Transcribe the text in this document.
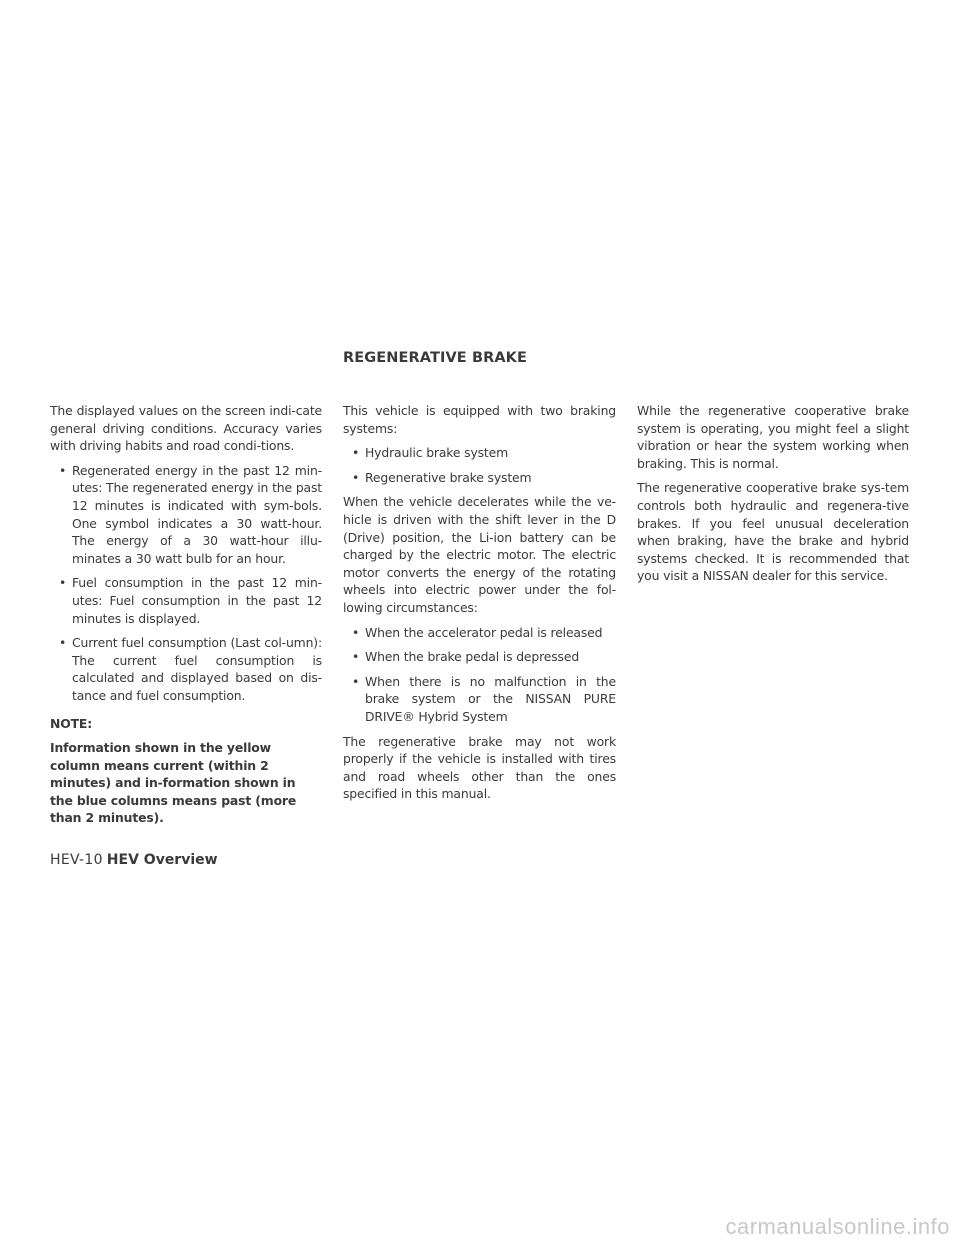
REGENERATIVE BRAKE

The displayed values on the screen indi-cate general driving conditions. Accuracy varies with driving habits and road condi-tions.

• Regenerated energy in the past 12 min-utes: The regenerated energy in the past 12 minutes is indicated with sym-bols. One symbol indicates a 30 watt-hour. The energy of a 30 watt-hour illu-minates a 30 watt bulb for an hour.
• Fuel consumption in the past 12 min-utes: Fuel consumption in the past 12 minutes is displayed.
• Current fuel consumption (Last col-umn): The current fuel consumption is calculated and displayed based on dis-tance and fuel consumption.

NOTE:

Information shown in the yellow column means current (within 2 minutes) and in-formation shown in the blue columns means past (more than 2 minutes).

This vehicle is equipped with two braking systems:

• Hydraulic brake system
• Regenerative brake system

When the vehicle decelerates while the ve-hicle is driven with the shift lever in the D (Drive) position, the Li-ion battery can be charged by the electric motor. The electric motor converts the energy of the rotating wheels into electric power under the fol-lowing circumstances:

• When the accelerator pedal is released
• When the brake pedal is depressed
• When there is no malfunction in the brake system or the NISSAN PURE DRIVE® Hybrid System

The regenerative brake may not work properly if the vehicle is installed with tires and road wheels other than the ones specified in this manual.

While the regenerative cooperative brake system is operating, you might feel a slight vibration or hear the system working when braking. This is normal.

The regenerative cooperative brake sys-tem controls both hydraulic and regenera-tive brakes. If you feel unusual deceleration when braking, have the brake and hybrid systems checked. It is recommended that you visit a NISSAN dealer for this service.

HEV-10 HEV Overview
carmanualsonline.info
